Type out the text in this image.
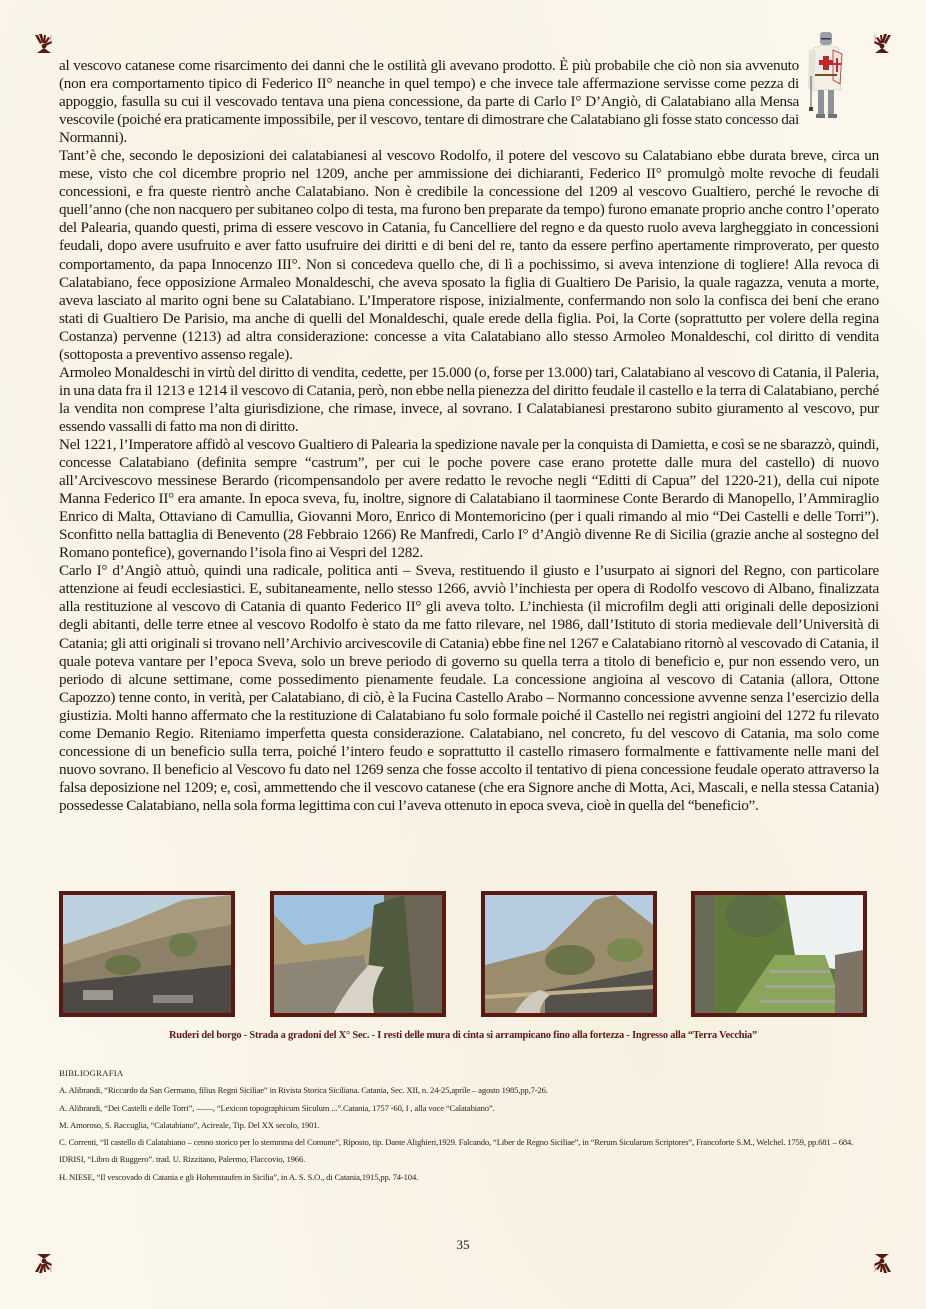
al vescovo catanese come risarcimento dei danni che le ostilità gli avevano prodotto. È più probabile che ciò non sia avvenuto (non era comportamento tipico di Federico II° neanche in quel tempo) e che invece tale affermazione servisse come pezza di appoggio, fasulla su cui il vescovado tentava una piena concessione, da parte di Carlo I° D’Angiò, di Calatabiano alla Mensa vescovile (poiché era praticamente impossibile, per il vescovo, tentare di dimostrare che Calatabiano gli fosse stato concesso dai Normanni).

Tant’è che, secondo le deposizioni dei calatabianesi al vescovo Rodolfo, il potere del vescovo su Calatabiano ebbe durata breve, circa un mese, visto che col dicembre proprio nel 1209, anche per ammissione dei dichiaranti, Federico II° promulgò molte revoche di feudali concessioni, e fra queste rientrò anche Calatabiano. Non è credibile la concessione del 1209 al vescovo Gualtiero, perché le revoche di quell’anno (che non nacquero per subitaneo colpo di testa, ma furono ben preparate da tempo) furono emanate proprio anche contro l’operato del Palearia, quando questi, prima di essere vescovo in Catania, fu Cancelliere del regno e da questo ruolo aveva largheggiato in concessioni feudali, dopo avere usufruito e aver fatto usufruire dei diritti e di beni del re, tanto da essere perfino apertamente rimproverato, per questo comportamento, da papa Innocenzo III°. Non si concedeva quello che, di lì a pochissimo, si aveva intenzione di togliere! Alla revoca di Calatabiano, fece opposizione Armaleo Monaldeschi, che aveva sposato la figlia di Gualtiero De Parisio, la quale ragazza, venuta a morte, aveva lasciato al marito ogni bene su Calatabiano. L’Imperatore rispose, inizialmente, confermando non solo la confisca dei beni che erano stati di Gualtiero De Parisio, ma anche di quelli del Monaldeschi, quale erede della figlia. Poi, la Corte (soprattutto per volere della regina Costanza) pervenne (1213) ad altra considerazione: concesse a vita Calatabiano allo stesso Armoleo Monaldeschi, col diritto di vendita (sottoposta a preventivo assenso regale).

Armoleo Monaldeschi in virtù del diritto di vendita, cedette, per 15.000 (o, forse per 13.000) tari, Calatabiano al vescovo di Catania, il Paleria, in una data fra il 1213 e 1214 il vescovo di Catania, però, non ebbe nella pienezza del diritto feudale il castello e la terra di Calatabiano, perché la vendita non comprese l’alta giurisdizione, che rimase, invece, al sovrano. I Calatabianesi prestarono subito giuramento al vescovo, pur essendo vassalli di fatto ma non di diritto.

Nel 1221, l’Imperatore affidò al vescovo Gualtiero di Palearia la spedizione navale per la conquista di Damietta, e così se ne sbarazzò, quindi, concesse Calatabiano (definita sempre “castrum”, per cui le poche povere case erano protette dalle mura del castello) di nuovo all’Arcivescovo messinese Berardo (ricompensandolo per avere redatto le revoche negli “Editti di Capua” del 1220-21), della cui nipote Manna Federico II° era amante. In epoca sveva, fu, inoltre, signore di Calatabiano il taorminese Conte Berardo di Manopello, l’Ammiraglio Enrico di Malta, Ottaviano di Camullia, Giovanni Moro, Enrico di Montemoricino (per i quali rimando al mio “Dei Castelli e delle Torri”). Sconfitto nella battaglia di Benevento (28 Febbraio 1266) Re Manfredi, Carlo I° d’Angiò divenne Re di Sicilia (grazie anche al sostegno del Romano pontefice), governando l’isola fino ai Vespri del 1282.

Carlo I° d’Angiò attuò, quindi una radicale, politica anti – Sveva, restituendo il giusto e l’usurpato ai signori del Regno, con particolare attenzione ai feudi ecclesiastici. E, subitaneamente, nello stesso 1266, avviò l’inchiesta per opera di Rodolfo vescovo di Albano, finalizzata alla restituzione al vescovo di Catania di quanto Federico II° gli aveva tolto. L’inchiesta (il microfilm degli atti originali delle deposizioni degli abitanti, delle terre etnee al vescovo Rodolfo è stato da me fatto rilevare, nel 1986, dall’Istituto di storia medievale dell’Università di Catania; gli atti originali si trovano nell’Archivio arcivescovile di Catania) ebbe fine nel 1267 e Calatabiano ritornò al vescovado di Catania, il quale poteva vantare per l’epoca Sveva, solo un breve periodo di governo su quella terra a titolo di beneficio e, pur non essendo vero, un periodo di alcune settimane, come possedimento pienamente feudale. La concessione angioina al vescovo di Catania (allora, Ottone Capozzo) tenne conto, in verità, per Calatabiano, di ciò, è la Fucina Castello Arabo – Normanno concessione avvenne senza l’esercizio della giustizia. Molti hanno affermato che la restituzione di Calatabiano fu solo formale poiché il Castello nei registri angioini del 1272 fu rilevato come Demanio Regio. Riteniamo imperfetta questa considerazione. Calatabiano, nel concreto, fu del vescovo di Catania, ma solo come concessione di un beneficio sulla terra, poiché l’intero feudo e soprattutto il castello rimasero formalmente e fattivamente nelle mani del nuovo sovrano. Il beneficio al Vescovo fu dato nel 1269 senza che fosse accolto il tentativo di piena concessione feudale operato attraverso la falsa deposizione nel 1209; e, così, ammettendo che il vescovo catanese (che era Signore anche di Motta, Aci, Mascali, e nella stessa Catania) possedesse Calatabiano, nella sola forma legittima con cui l’aveva ottenuto in epoca sveva, cioè in quella del “beneficio”.

Ruderi del borgo - Strada a gradoni del X° Sec. - I resti delle mura di cinta si arrampicano fino alla fortezza - Ingresso alla “Terra Vecchia”

BIBLIOGRAFIA

A. Alibrandi, “Riccardo da San Germano, filius Regni Siciliae” in Rivista Storica Siciliana. Catania, Sec. XII, n. 24-25,aprile – agosto 1985,pp,7-26.

A. Alibrandi, “Dei Castelli e delle Torri”, ––––, “Lexicon topographicum Siculum ...”.Catania, 1757 -60, I , alla voce “Calatabiano”.

M. Amoroso, S. Raccuglia, “Calatabiano”, Acireale, Tip. Del XX secolo, 1901.

C. Correnti, “Il castello di Calatabiano – cenno storico per lo stemmma del Comune”, Riposto, tip. Dante Alighieri,1929. Falcando, “Liber de Regno Siciliae”, in “Rerum Sicularum Scriptores”, Francoforte S.M., Welchel. 1759, pp.681 – 684.

IDRISI, “Libro di Ruggero”. trad. U. Rizzitano, Palermo, Flaccovio, 1966.

H. NIESE, “Il vescovado di Catania e gli Hohenstaufen in Sicilia”, in A. S. S.O., di Catania,1915,pp. 74-104.

35
